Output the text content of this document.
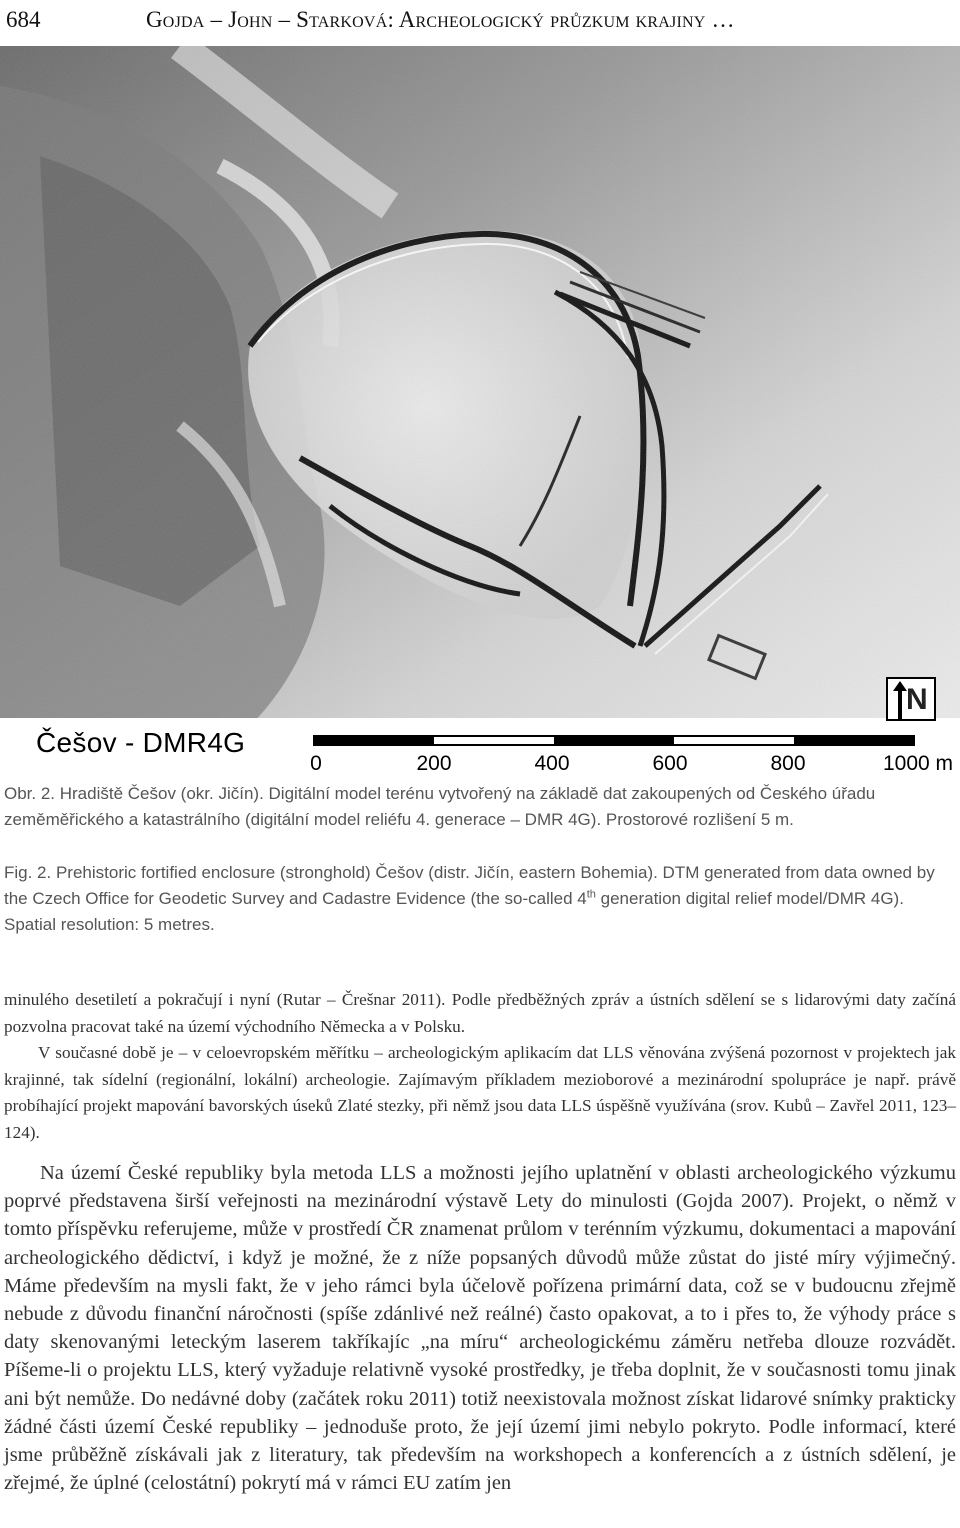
684	Gojda – John – Starková: Archeologický průzkum krajiny …
Češov - DMR4G
N
0	200	400	600	800	1000 m
Obr. 2. Hradiště Češov (okr. Jičín). Digitální model terénu vytvořený na základě dat zakoupených od Českého úřadu zeměměřického a katastrálního (digitální model reliéfu 4. generace – DMR 4G). Prostorové rozlišení 5 m.
Fig. 2. Prehistoric fortified enclosure (stronghold) Češov (distr. Jičín, eastern Bohemia). DTM generated from data owned by the Czech Office for Geodetic Survey and Cadastre Evidence (the so-called 4th generation digital relief model/DMR 4G). Spatial resolution: 5 metres.

minulého desetiletí a pokračují i nyní (Rutar – Črešnar 2011). Podle předběžných zpráv a ústních sdělení se s lidarovými daty začíná pozvolna pracovat také na území východního Německa a v Polsku.

V současné době je – v celoevropském měřítku – archeologickým aplikacím dat LLS věnována zvýšená pozornost v projektech jak krajinné, tak sídelní (regionální, lokální) archeologie. Zajímavým příkladem mezioborové a mezinárodní spolupráce je např. právě probíhající projekt mapování bavorských úseků Zlaté stezky, při němž jsou data LLS úspěšně využívána (srov. Kubů – Zavřel 2011, 123–124).

Na území České republiky byla metoda LLS a možnosti jejího uplatnění v oblasti archeologického výzkumu poprvé představena širší veřejnosti na mezinárodní výstavě Lety do minulosti (Gojda 2007). Projekt, o němž v tomto příspěvku referujeme, může v prostředí ČR znamenat průlom v terénním výzkumu, dokumentaci a mapování archeologického dědictví, i když je možné, že z níže popsaných důvodů může zůstat do jisté míry výjimečný. Máme především na mysli fakt, že v jeho rámci byla účelově pořízena primární data, což se v budoucnu zřejmě nebude z důvodu finanční náročnosti (spíše zdánlivé než reálné) často opakovat, a to i přes to, že výhody práce s daty skenovanými leteckým laserem takříkajíc „na míru“ archeologickému záměru netřeba dlouze rozvádět. Píšeme-li o projektu LLS, který vyžaduje relativně vysoké prostředky, je třeba doplnit, že v současnosti tomu jinak ani být nemůže. Do nedávné doby (začátek roku 2011) totiž neexistovala možnost získat lidarové snímky prakticky žádné části území České republiky – jednoduše proto, že její území jimi nebylo pokryto. Podle informací, které jsme průběžně získávali jak z literatury, tak především na workshopech a konferencích a z ústních sdělení, je zřejmé, že úplné (celostátní) pokrytí má v rámci EU zatím jen
